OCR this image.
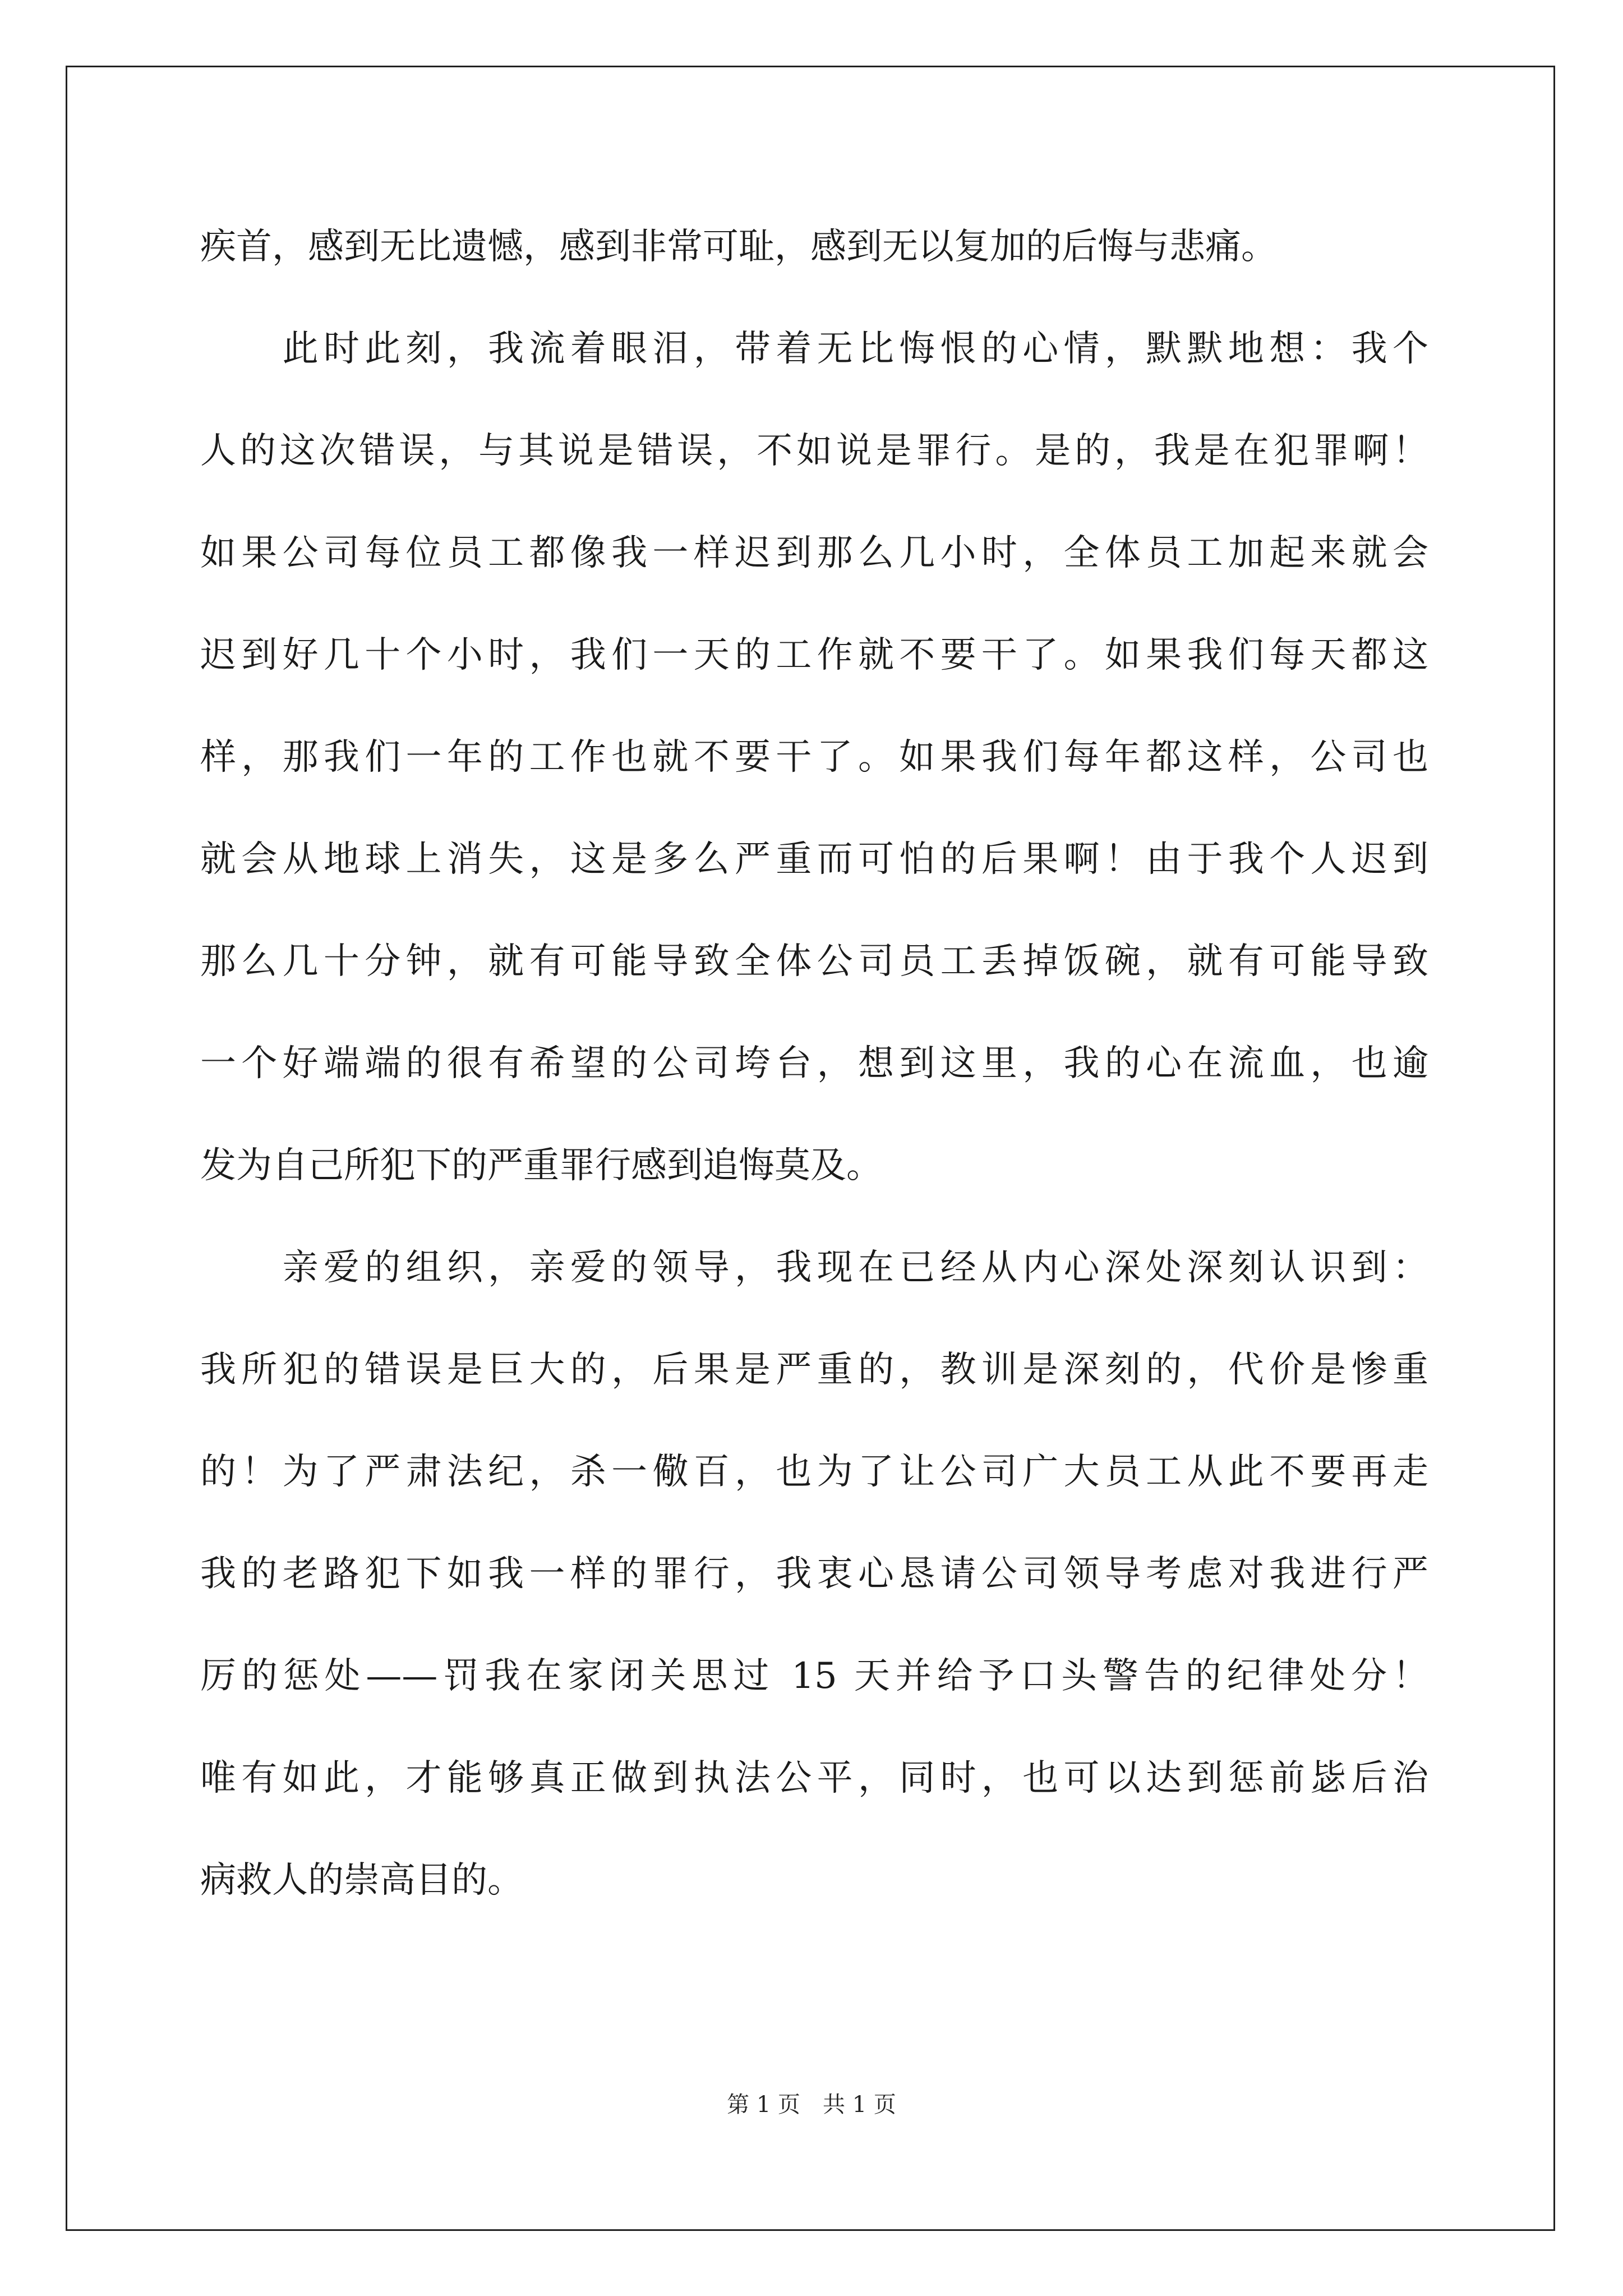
疾首，感到无比遗憾，感到非常可耻，感到无以复加的后悔与悲痛。
　　此时此刻，我流着眼泪，带着无比悔恨的心情，默默地想：我个
人的这次错误，与其说是错误，不如说是罪行。是的，我是在犯罪啊！
如果公司每位员工都像我一样迟到那么几小时，全体员工加起来就会
迟到好几十个小时，我们一天的工作就不要干了。如果我们每天都这
样，那我们一年的工作也就不要干了。如果我们每年都这样，公司也
就会从地球上消失，这是多么严重而可怕的后果啊！由于我个人迟到
那么几十分钟，就有可能导致全体公司员工丢掉饭碗，就有可能导致
一个好端端的很有希望的公司垮台，想到这里，我的心在流血，也逾
发为自己所犯下的严重罪行感到追悔莫及。
　　亲爱的组织，亲爱的领导，我现在已经从内心深处深刻认识到：
我所犯的错误是巨大的，后果是严重的，教训是深刻的，代价是惨重
的！为了严肃法纪，杀一儆百，也为了让公司广大员工从此不要再走
我的老路犯下如我一样的罪行，我衷心恳请公司领导考虑对我进行严
厉的惩处——罚我在家闭关思过 15 天并给予口头警告的纪律处分！
唯有如此，才能够真正做到执法公平，同时，也可以达到惩前毖后治
病救人的崇高目的。
第 1 页　共 1 页
